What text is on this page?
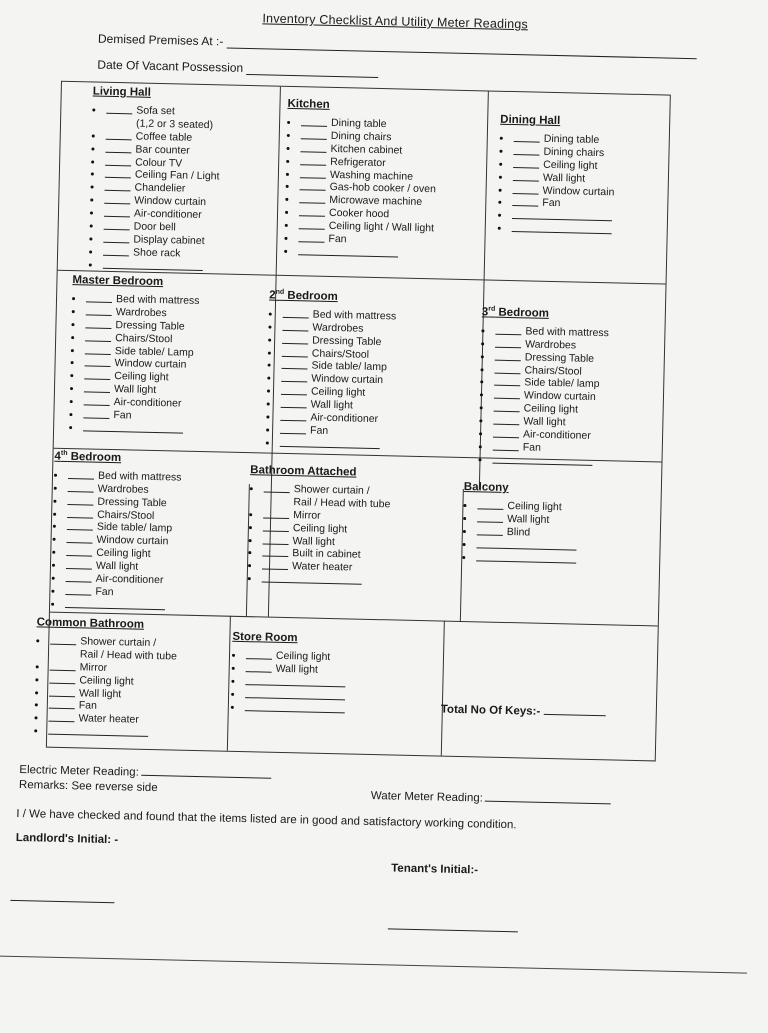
Inventory Checklist And Utility Meter Readings
Demised Premises At :-
Date Of Vacant Possession
Living Hall
Sofa set
(1,2 or 3 seated)
Coffee table
Bar counter
Colour TV
Ceiling Fan / Light
Chandelier
Window curtain
Air-conditioner
Door bell
Display cabinet
Shoe rack
Kitchen
Dining table
Dining chairs
Kitchen cabinet
Refrigerator
Washing machine
Gas-hob cooker / oven
Microwave machine
Cooker hood
Ceiling light / Wall light
Fan
Dining Hall
Dining table
Dining chairs
Ceiling light
Wall light
Window curtain
Fan
Master Bedroom
Bed with mattress
Wardrobes
Dressing Table
Chairs/Stool
Side table/ Lamp
Window curtain
Ceiling light
Wall light
Air-conditioner
Fan
2nd Bedroom
Bed with mattress
Wardrobes
Dressing Table
Chairs/Stool
Side table/ lamp
Window curtain
Ceiling light
Wall light
Air-conditioner
Fan
3rd Bedroom
Bed with mattress
Wardrobes
Dressing Table
Chairs/Stool
Side table/ lamp
Window curtain
Ceiling light
Wall light
Air-conditioner
Fan
4th Bedroom
Bed with mattress
Wardrobes
Dressing Table
Chairs/Stool
Side table/ lamp
Window curtain
Ceiling light
Wall light
Air-conditioner
Fan
Bathroom Attached
Shower curtain /
Rail / Head with tube
Mirror
Ceiling light
Wall light
Built in cabinet
Water heater
Balcony
Ceiling light
Wall light
Blind
Common Bathroom
Shower curtain /
Rail / Head with tube
Mirror
Ceiling light
Wall light
Fan
Water heater
Store Room
Ceiling light
Wall light
Total No Of Keys:-
Electric Meter Reading:
Remarks: See reverse side
Water Meter Reading:
I / We have checked and found that the items listed are in good and satisfactory working condition.
Landlord's Initial: -
Tenant's Initial:-
